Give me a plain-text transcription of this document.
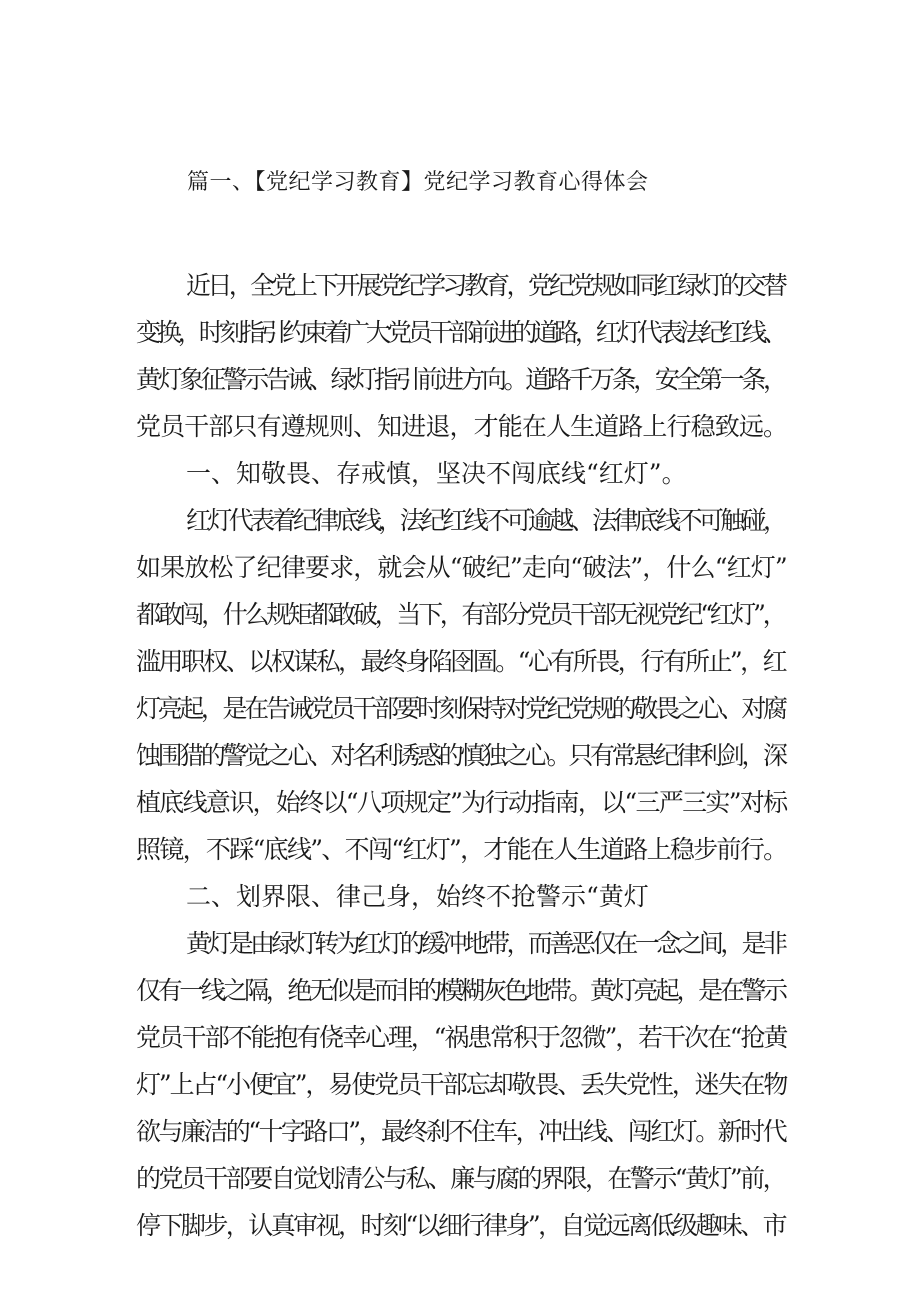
篇一、【党纪学习教育】党纪学习教育心得体会
近日，全党上下开展党纪学习教育，党纪党规如同红绿灯的交替
变换，时刻指引约束着广大党员干部前进的道路，红灯代表法纪红线、
黄灯象征警示告诫、绿灯指引前进方向。道路千万条，安全第一条，
党员干部只有遵规则、知进退，才能在人生道路上行稳致远。
一、知敬畏、存戒慎，坚决不闯底线“红灯”。
红灯代表着纪律底线，法纪红线不可逾越、法律底线不可触碰，
如果放松了纪律要求，就会从“破纪”走向“破法”，什么“红灯”
都敢闯，什么规矩都敢破，当下，有部分党员干部无视党纪“红灯”，
滥用职权、以权谋私，最终身陷囹圄。“心有所畏，行有所止”，红
灯亮起，是在告诫党员干部要时刻保持对党纪党规的敬畏之心、对腐
蚀围猎的警觉之心、对名利诱惑的慎独之心。只有常悬纪律利剑，深
植底线意识，始终以“八项规定”为行动指南，以“三严三实”对标
照镜，不踩“底线”、不闯“红灯”，才能在人生道路上稳步前行。
二、划界限、律己身，始终不抢警示“黄灯
黄灯是由绿灯转为红灯的缓冲地带，而善恶仅在一念之间，是非
仅有一线之隔，绝无似是而非的模糊灰色地带。黄灯亮起，是在警示
党员干部不能抱有侥幸心理，“祸患常积于忽微”，若干次在“抢黄
灯”上占“小便宜”，易使党员干部忘却敬畏、丢失党性，迷失在物
欲与廉洁的“十字路口”，最终刹不住车，冲出线、闯红灯。新时代
的党员干部要自觉划清公与私、廉与腐的界限，在警示“黄灯”前，
停下脚步，认真审视，时刻“以细行律身”，自觉远离低级趣味、市
